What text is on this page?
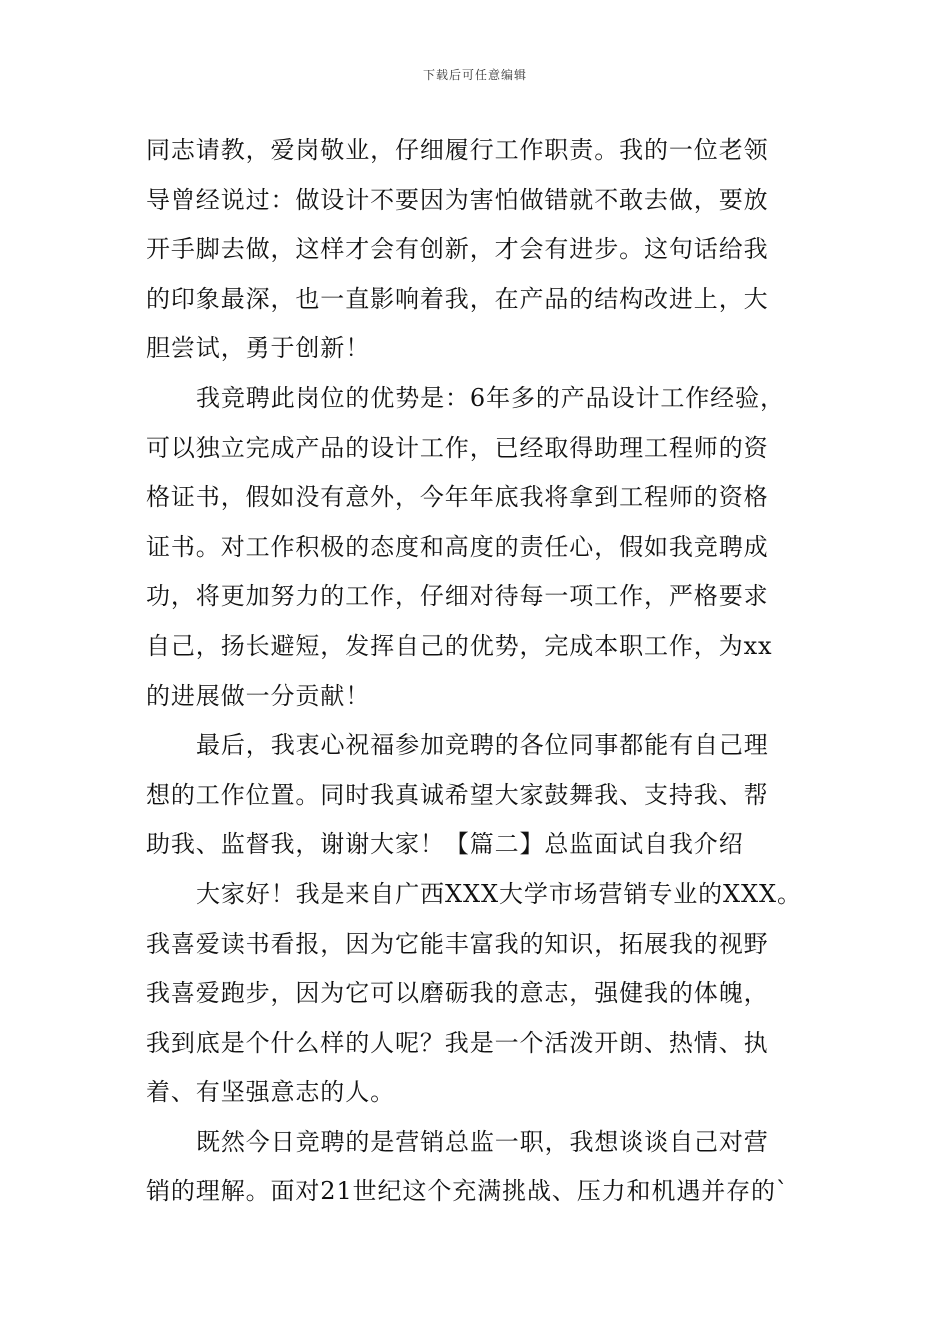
下载后可任意编辑
同志请教，爱岗敬业，仔细履行工作职责。我的一位老领
导曾经说过：做设计不要因为害怕做错就不敢去做，要放
开手脚去做，这样才会有创新，才会有进步。这句话给我
的印象最深，也一直影响着我，在产品的结构改进上，大
胆尝试，勇于创新！
我竞聘此岗位的优势是：6年多的产品设计工作经验，
可以独立完成产品的设计工作，已经取得助理工程师的资
格证书，假如没有意外，今年年底我将拿到工程师的资格
证书。对工作积极的态度和高度的责任心，假如我竞聘成
功，将更加努力的工作，仔细对待每一项工作，严格要求
自己，扬长避短，发挥自己的优势，完成本职工作，为xx
的进展做一分贡献！
最后，我衷心祝福参加竞聘的各位同事都能有自己理
想的工作位置。同时我真诚希望大家鼓舞我、支持我、帮
助我、监督我，谢谢大家！【篇二】总监面试自我介绍
大家好！我是来自广西XXX大学市场营销专业的XXX。
我喜爱读书看报，因为它能丰富我的知识，拓展我的视野
我喜爱跑步，因为它可以磨砺我的意志，强健我的体魄，
我到底是个什么样的人呢？我是一个活泼开朗、热情、执
着、有坚强意志的人。
既然今日竞聘的是营销总监一职，我想谈谈自己对营
销的理解。面对21世纪这个充满挑战、压力和机遇并存的`
